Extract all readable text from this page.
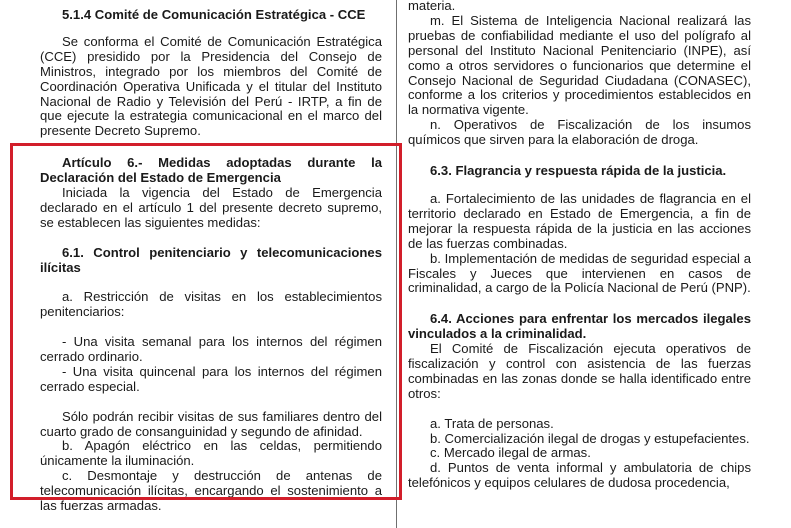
5.1.4 Comité de Comunicación Estratégica - CCE

Se conforma el Comité de Comunicación Estratégica (CCE) presidido por la Presidencia del Consejo de Ministros, integrado por los miembros del Comité de Coordinación Operativa Unificada y el titular del Instituto Nacional de Radio y Televisión del Perú - IRTP, a fin de que ejecute la estrategia comunicacional en el marco del presente Decreto Supremo.

Artículo 6.- Medidas adoptadas durante la Declaración del Estado de Emergencia

Iniciada la vigencia del Estado de Emergencia declarado en el artículo 1 del presente decreto supremo, se establecen las siguientes medidas:

6.1. Control penitenciario y telecomunicaciones ilícitas

a. Restricción de visitas en los establecimientos penitenciarios:

- Una visita semanal para los internos del régimen cerrado ordinario.

- Una visita quincenal para los internos del régimen cerrado especial.

Sólo podrán recibir visitas de sus familiares dentro del cuarto grado de consanguinidad y segundo de afinidad.

b. Apagón eléctrico en las celdas, permitiendo únicamente la iluminación.

c. Desmontaje y destrucción de antenas de telecomunicación ilícitas, encargando el sostenimiento a las fuerzas armadas.

materia.

m. El Sistema de Inteligencia Nacional realizará las pruebas de confiabilidad mediante el uso del polígrafo al personal del Instituto Nacional Penitenciario (INPE), así como a otros servidores o funcionarios que determine el Consejo Nacional de Seguridad Ciudadana (CONASEC), conforme a los criterios y procedimientos establecidos en la normativa vigente.

n. Operativos de Fiscalización de los insumos químicos que sirven para la elaboración de droga.

6.3. Flagrancia y respuesta rápida de la justicia.

a. Fortalecimiento de las unidades de flagrancia en el territorio declarado en Estado de Emergencia, a fin de mejorar la respuesta rápida de la justicia en las acciones de las fuerzas combinadas.

b. Implementación de medidas de seguridad especial a Fiscales y Jueces que intervienen en casos de criminalidad, a cargo de la Policía Nacional de Perú (PNP).

6.4. Acciones para enfrentar los mercados ilegales vinculados a la criminalidad.

El Comité de Fiscalización ejecuta operativos de fiscalización y control con asistencia de las fuerzas combinadas en las zonas donde se halla identificado entre otros:

a. Trata de personas.

b. Comercialización ilegal de drogas y estupefacientes.

c. Mercado ilegal de armas.

d. Puntos de venta informal y ambulatoria de chips telefónicos y equipos celulares de dudosa procedencia,
